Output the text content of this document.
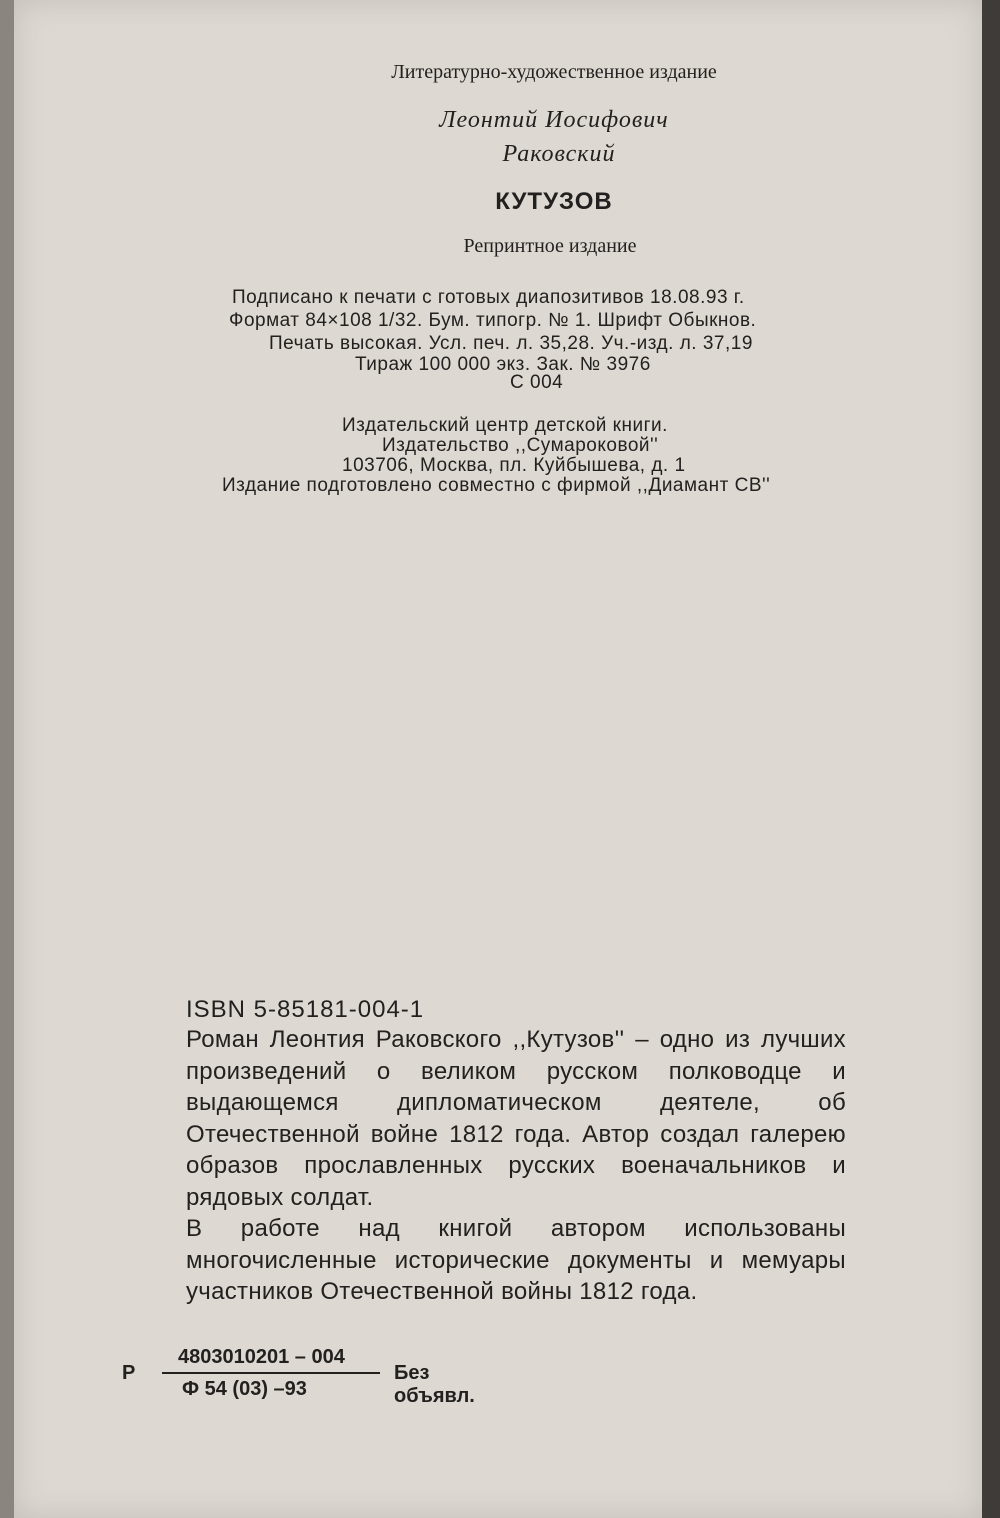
Литературно-художественное издание
Леонтий Иосифович
Раковский
КУТУЗОВ
Репринтное издание
Подписано к печати с готовых диапозитивов 18.08.93 г.
Формат 84×108 1/32. Бум. типогр. № 1. Шрифт Обыкнов.
Печать высокая. Усл. печ. л. 35,28. Уч.-изд. л. 37,19
Тираж 100 000 экз. Зак. № 3976
С 004
Издательский центр детской книги.
Издательство ,,Сумароковой''
103706, Москва, пл. Куйбышева, д. 1
Издание подготовлено совместно с фирмой ,,Диамант СВ''
ISBN 5-85181-004-1
Роман Леонтия Раковского ,,Кутузов'' – одно из лучших произведений о великом русском полководце и выдающемся дипломатическом деятеле, об Отечественной войне 1812 года. Автор создал галерею образов прославленных русских военачальников и рядовых солдат.
В работе над книгой автором использованы многочисленные исторические документы и мемуары участников Отечественной войны 1812 года.
Р
4803010201 – 004
Ф 54 (03) –93
Без объявл.
